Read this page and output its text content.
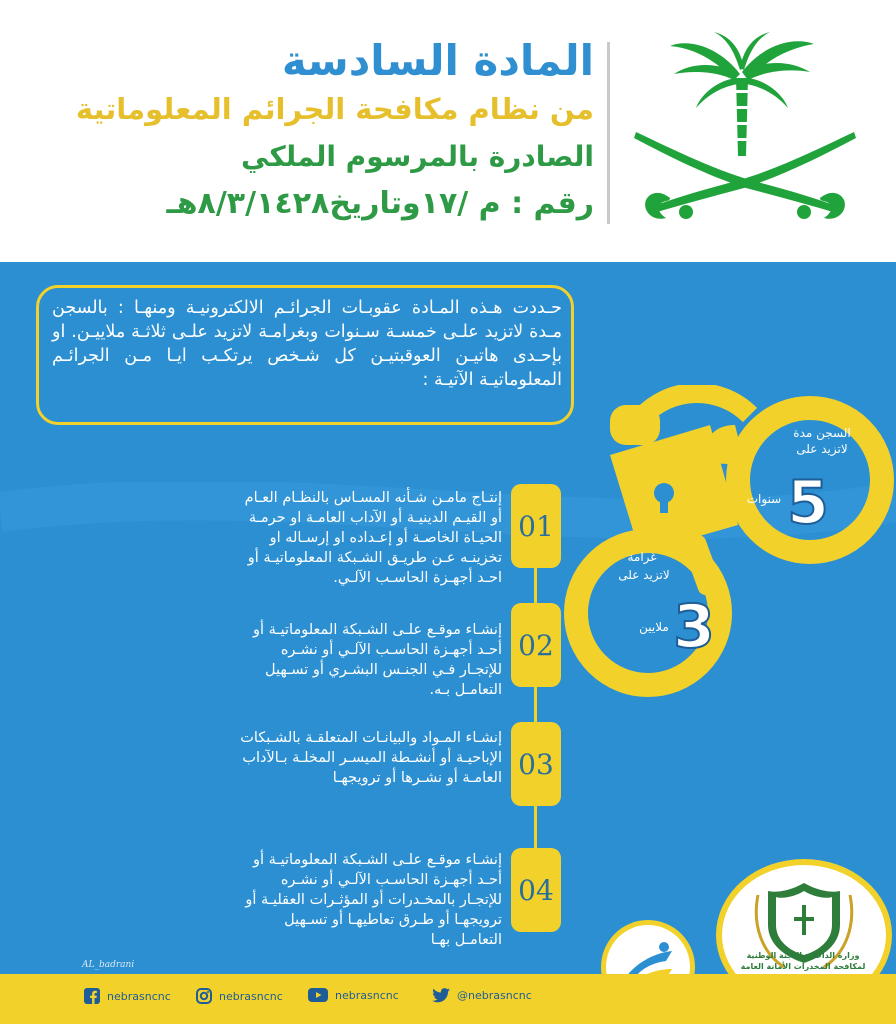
المادة السادسة
من نظام مكافحة الجرائم المعلوماتية
الصادرة بالمرسوم الملكي
رقم : م /١٧وتاريخ٨/٣/١٤٢٨هـ
حـددت هـذه المـادة عقوبـات الجرائـم الالكترونيـة ومنهـا : بالسجن مـدة لاتزيد علـى خمسـة سـنوات وبغرامـة لاتزيد علـى ثلاثـة ملاييـن. او بإحـدى هاتيـن العوقبتيـن كل شـخص يرتكـب ايـا مـن الجرائـم المعلوماتيـة الآتيـة :
السجن مدة
لاتزيد على
5
سنوات
غرامة
لاتزيد على
3
ملايين
01
إنتـاج مامـن شـأنه المسـاس بالنظـام العـام أو القيـم الدينيـة أو الآداب العامـة او حرمـة الحيـاة الخاصـة أو إعـداده او إرسـاله او تخزينـه عـن طريـق الشـبكة المعلوماتيـة أو احـد أجهـزة الحاسـب الآلـي.
02
إنشـاء موقـع علـى الشـبكة المعلوماتيـة أو أحـد أجهـزة الحاسـب الآلـي أو نشـره للإتجـار فـي الجنـس البشـري أو تسـهيل التعامـل بـه.
03
إنشـاء المـواد والبيانـات المتعلقـة بالشـبكات الإباحيـة أو أنشـطة الميسـر المخلـة بـالآداب العامـة أو نشـرها أو ترويجهـا
04
إنشـاء موقـع علـى الشـبكة المعلوماتيـة أو أحـد أجهـزة الحاسـب الآلـي أو نشـره للإتجـار بالمخـدرات أو المؤثـرات العقليـة أو ترويجهـا أو طـرق تعاطيهـا أو تسـهيل التعامـل بهـا
وزارة الداخلية اللجنة الوطنية لمكافحة المخدرات الأمانة العامة
AL_badrani
nebrasncnc	nebrasncnc	nebrasncnc	@nebrasncnc
